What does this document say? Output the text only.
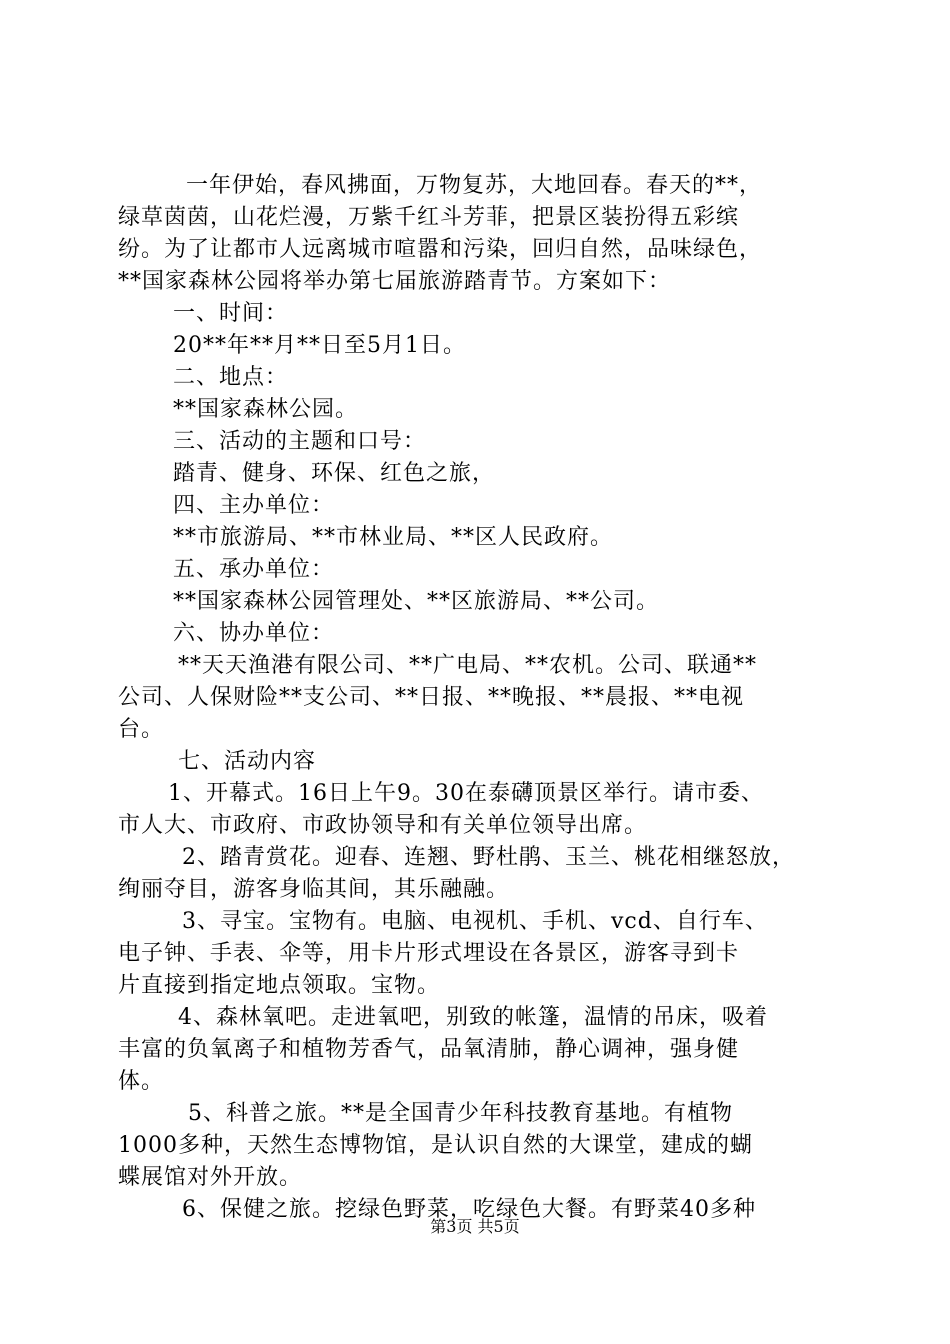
一年伊始，春风拂面，万物复苏，大地回春。春天的**，
绿草茵茵，山花烂漫，万紫千红斗芳菲，把景区装扮得五彩缤
纷。为了让都市人远离城市喧嚣和污染，回归自然，品味绿色，
**国家森林公园将举办第七届旅游踏青节。方案如下：
一、时间：
20**年**月**日至5月1日。
二、地点：
**国家森林公园。
三、活动的主题和口号：
踏青、健身、环保、红色之旅，
四、主办单位：
**市旅游局、**市林业局、**区人民政府。
五、承办单位：
**国家森林公园管理处、**区旅游局、**公司。
六、协办单位：
**天天渔港有限公司、**广电局、**农机。公司、联通**
公司、人保财险**支公司、**日报、**晚报、**晨报、**电视
台。
七、活动内容
1、开幕式。16日上午9。30在泰礴顶景区举行。请市委、
市人大、市政府、市政协领导和有关单位领导出席。
2、踏青赏花。迎春、连翘、野杜鹃、玉兰、桃花相继怒放，
绚丽夺目，游客身临其间，其乐融融。
3、寻宝。宝物有。电脑、电视机、手机、vcd、自行车、
电子钟、手表、伞等，用卡片形式埋设在各景区，游客寻到卡
片直接到指定地点领取。宝物。
4、森林氧吧。走进氧吧，别致的帐篷，温情的吊床，吸着
丰富的负氧离子和植物芳香气，品氧清肺，静心调神，强身健
体。
5、科普之旅。**是全国青少年科技教育基地。有植物
1000多种，天然生态博物馆，是认识自然的大课堂，建成的蝴
蝶展馆对外开放。
6、保健之旅。挖绿色野菜，吃绿色大餐。有野菜40多种
第3页 共5页
